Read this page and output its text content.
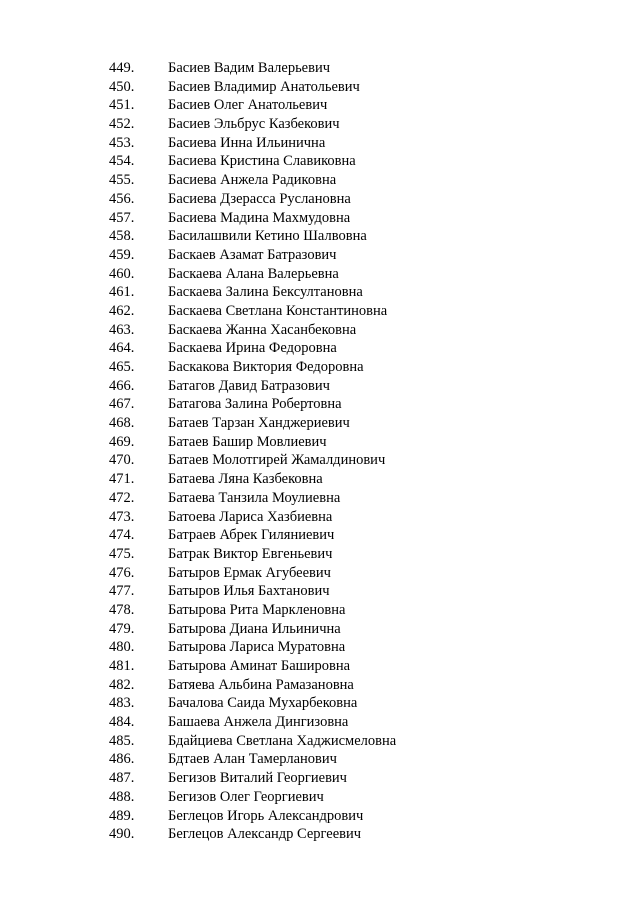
449. Басиев Вадим Валерьевич
450. Басиев Владимир Анатольевич
451. Басиев Олег Анатольевич
452. Басиев Эльбрус Казбекович
453. Басиева Инна Ильинична
454. Басиева Кристина Славиковна
455. Басиева Анжела Радиковна
456. Басиева Дзерасса Руслановна
457. Басиева Мадина Махмудовна
458. Басилашвили Кетино Шалвовна
459. Баскаев Азамат Батразович
460. Баскаева Алана Валерьевна
461. Баскаева Залина Бексултановна
462. Баскаева Светлана Константиновна
463. Баскаева Жанна Хасанбековна
464. Баскаева Ирина Федоровна
465. Баскакова Виктория Федоровна
466. Батагов Давид Батразович
467. Батагова Залина Робертовна
468. Батаев Тарзан Ханджериевич
469. Батаев Башир Мовлиевич
470. Батаев Молотгирей Жамалдинович
471. Батаева Ляна Казбековна
472. Батаева Танзила Моулиевна
473. Батоева Лариса Хазбиевна
474. Батраев Абрек Гиляниевич
475. Батрак Виктор Евгеньевич
476. Батыров Ермак Агубеевич
477. Батыров Илья Бахтанович
478. Батырова Рита Маркленовна
479. Батырова Диана Ильинична
480. Батырова Лариса Муратовна
481. Батырова Аминат Башировна
482. Батяева Альбина Рамазановна
483. Бачалова Саида Мухарбековна
484. Башаева Анжела Дингизовна
485. Бдайциева Светлана Хаджисмеловна
486. Бдтаев Алан Тамерланович
487. Бегизов Виталий Георгиевич
488. Бегизов Олег Георгиевич
489. Беглецов Игорь Александрович
490. Беглецов Александр Сергеевич
